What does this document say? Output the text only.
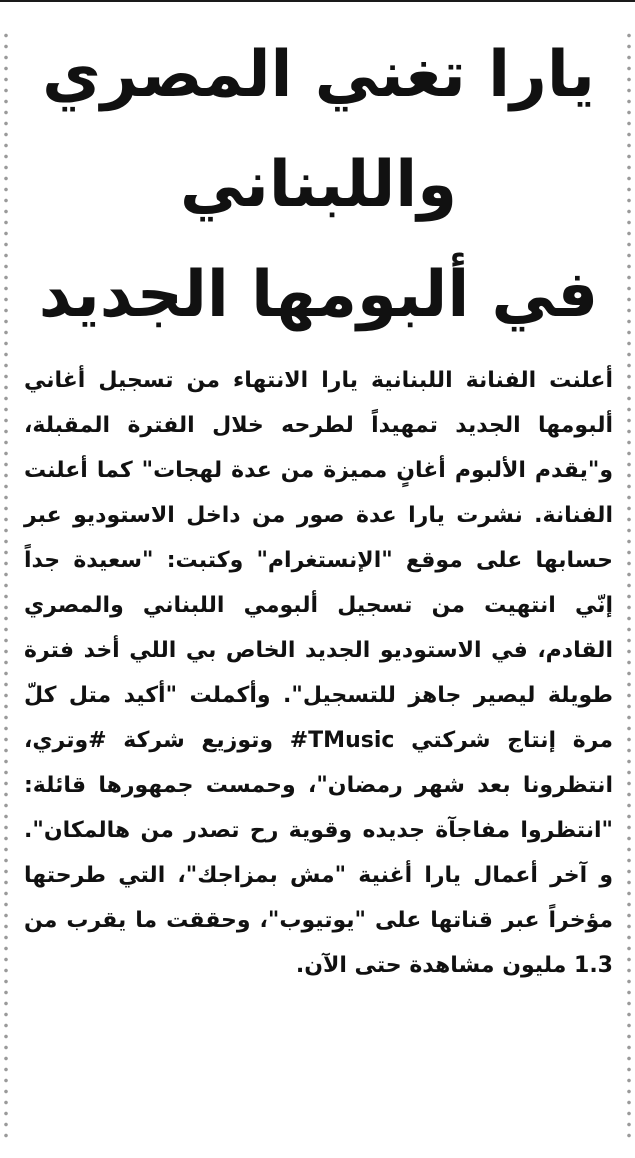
يارا تغني المصري واللبناني
في ألبومها الجديد

أعلنت الفنانة اللبنانية يارا الانتهاء من تسجيل أغاني ألبومها الجديد تمهيداً لطرحه خلال الفترة المقبلة، و"يقدم الألبوم أغانٍ مميزة من عدة لهجات" كما أعلنت الفنانة. نشرت يارا عدة صور من داخل الاستوديو عبر حسابها على موقع "الإنستغرام" وكتبت: "سعيدة جداً إنّي انتهيت من تسجيل ألبومي اللبناني والمصري القادم، في الاستوديو الجديد الخاص بي اللي أخد فترة طويلة ليصير جاهز للتسجيل". وأكملت "أكيد متل كلّ مرة إنتاج شركتي TMusic# وتوزيع شركة #وتري، انتظرونا بعد شهر رمضان"، وحمست جمهورها قائلة: "انتظروا مفاجآة جديده وقوية رح تصدر من هالمكان". و آخر أعمال يارا أغنية "مش بمزاجك"، التي طرحتها مؤخراً عبر قناتها على "يوتيوب"، وحققت ما يقرب من 1.3 مليون مشاهدة حتى الآن.
